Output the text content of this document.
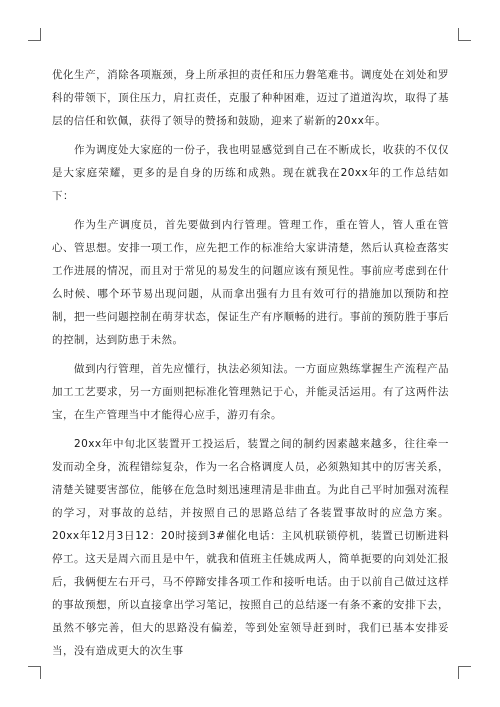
优化生产，消除各项瓶颈，身上所承担的责任和压力磐笔难书。调度处在刘处和罗科的带领下，顶住压力，肩扛责任，克服了种种困难，迈过了道道沟坎，取得了基层的信任和钦佩，获得了领导的赞扬和鼓励，迎来了崭新的20xx年。

作为调度处大家庭的一份子，我也明显感觉到自己在不断成长，收获的不仅仅是大家庭荣耀，更多的是自身的历练和成熟。现在就我在20xx年的工作总结如下：

作为生产调度员，首先要做到内行管理。管理工作，重在管人，管人重在管心、管思想。安排一项工作，应先把工作的标准给大家讲清楚，然后认真检查落实工作进展的情况，而且对于常见的易发生的问题应该有预见性。事前应考虑到在什么时候、哪个环节易出现问题，从而拿出强有力且有效可行的措施加以预防和控制，把一些问题控制在萌芽状态，保证生产有序顺畅的进行。事前的预防胜于事后的控制，达到防患于未然。

做到内行管理，首先应懂行，执法必须知法。一方面应熟练掌握生产流程产品加工工艺要求，另一方面则把标准化管理熟记于心，并能灵活运用。有了这两件法宝，在生产管理当中才能得心应手，游刃有余。

20xx年中旬北区装置开工投运后，装置之间的制约因素越来越多，往往牵一发而动全身，流程错综复杂，作为一名合格调度人员，必须熟知其中的厉害关系，清楚关键要害部位，能够在危急时刻迅速理清是非曲直。为此自己平时加强对流程的学习，对事故的总结，并按照自己的思路总结了各装置事故时的应急方案。20xx年12月3日12：20时接到3#催化电话：主风机联锁停机，装置已切断进料停工。这天是周六而且是中午，就我和值班主任姚成两人，简单扼要的向刘处汇报后，我俩便左右开弓，马不停蹄安排各项工作和接听电话。由于以前自己做过这样的事故预想，所以直接拿出学习笔记，按照自己的总结逐一有条不紊的安排下去，虽然不够完善，但大的思路没有偏差，等到处室领导赶到时，我们已基本安排妥当，没有造成更大的次生事
